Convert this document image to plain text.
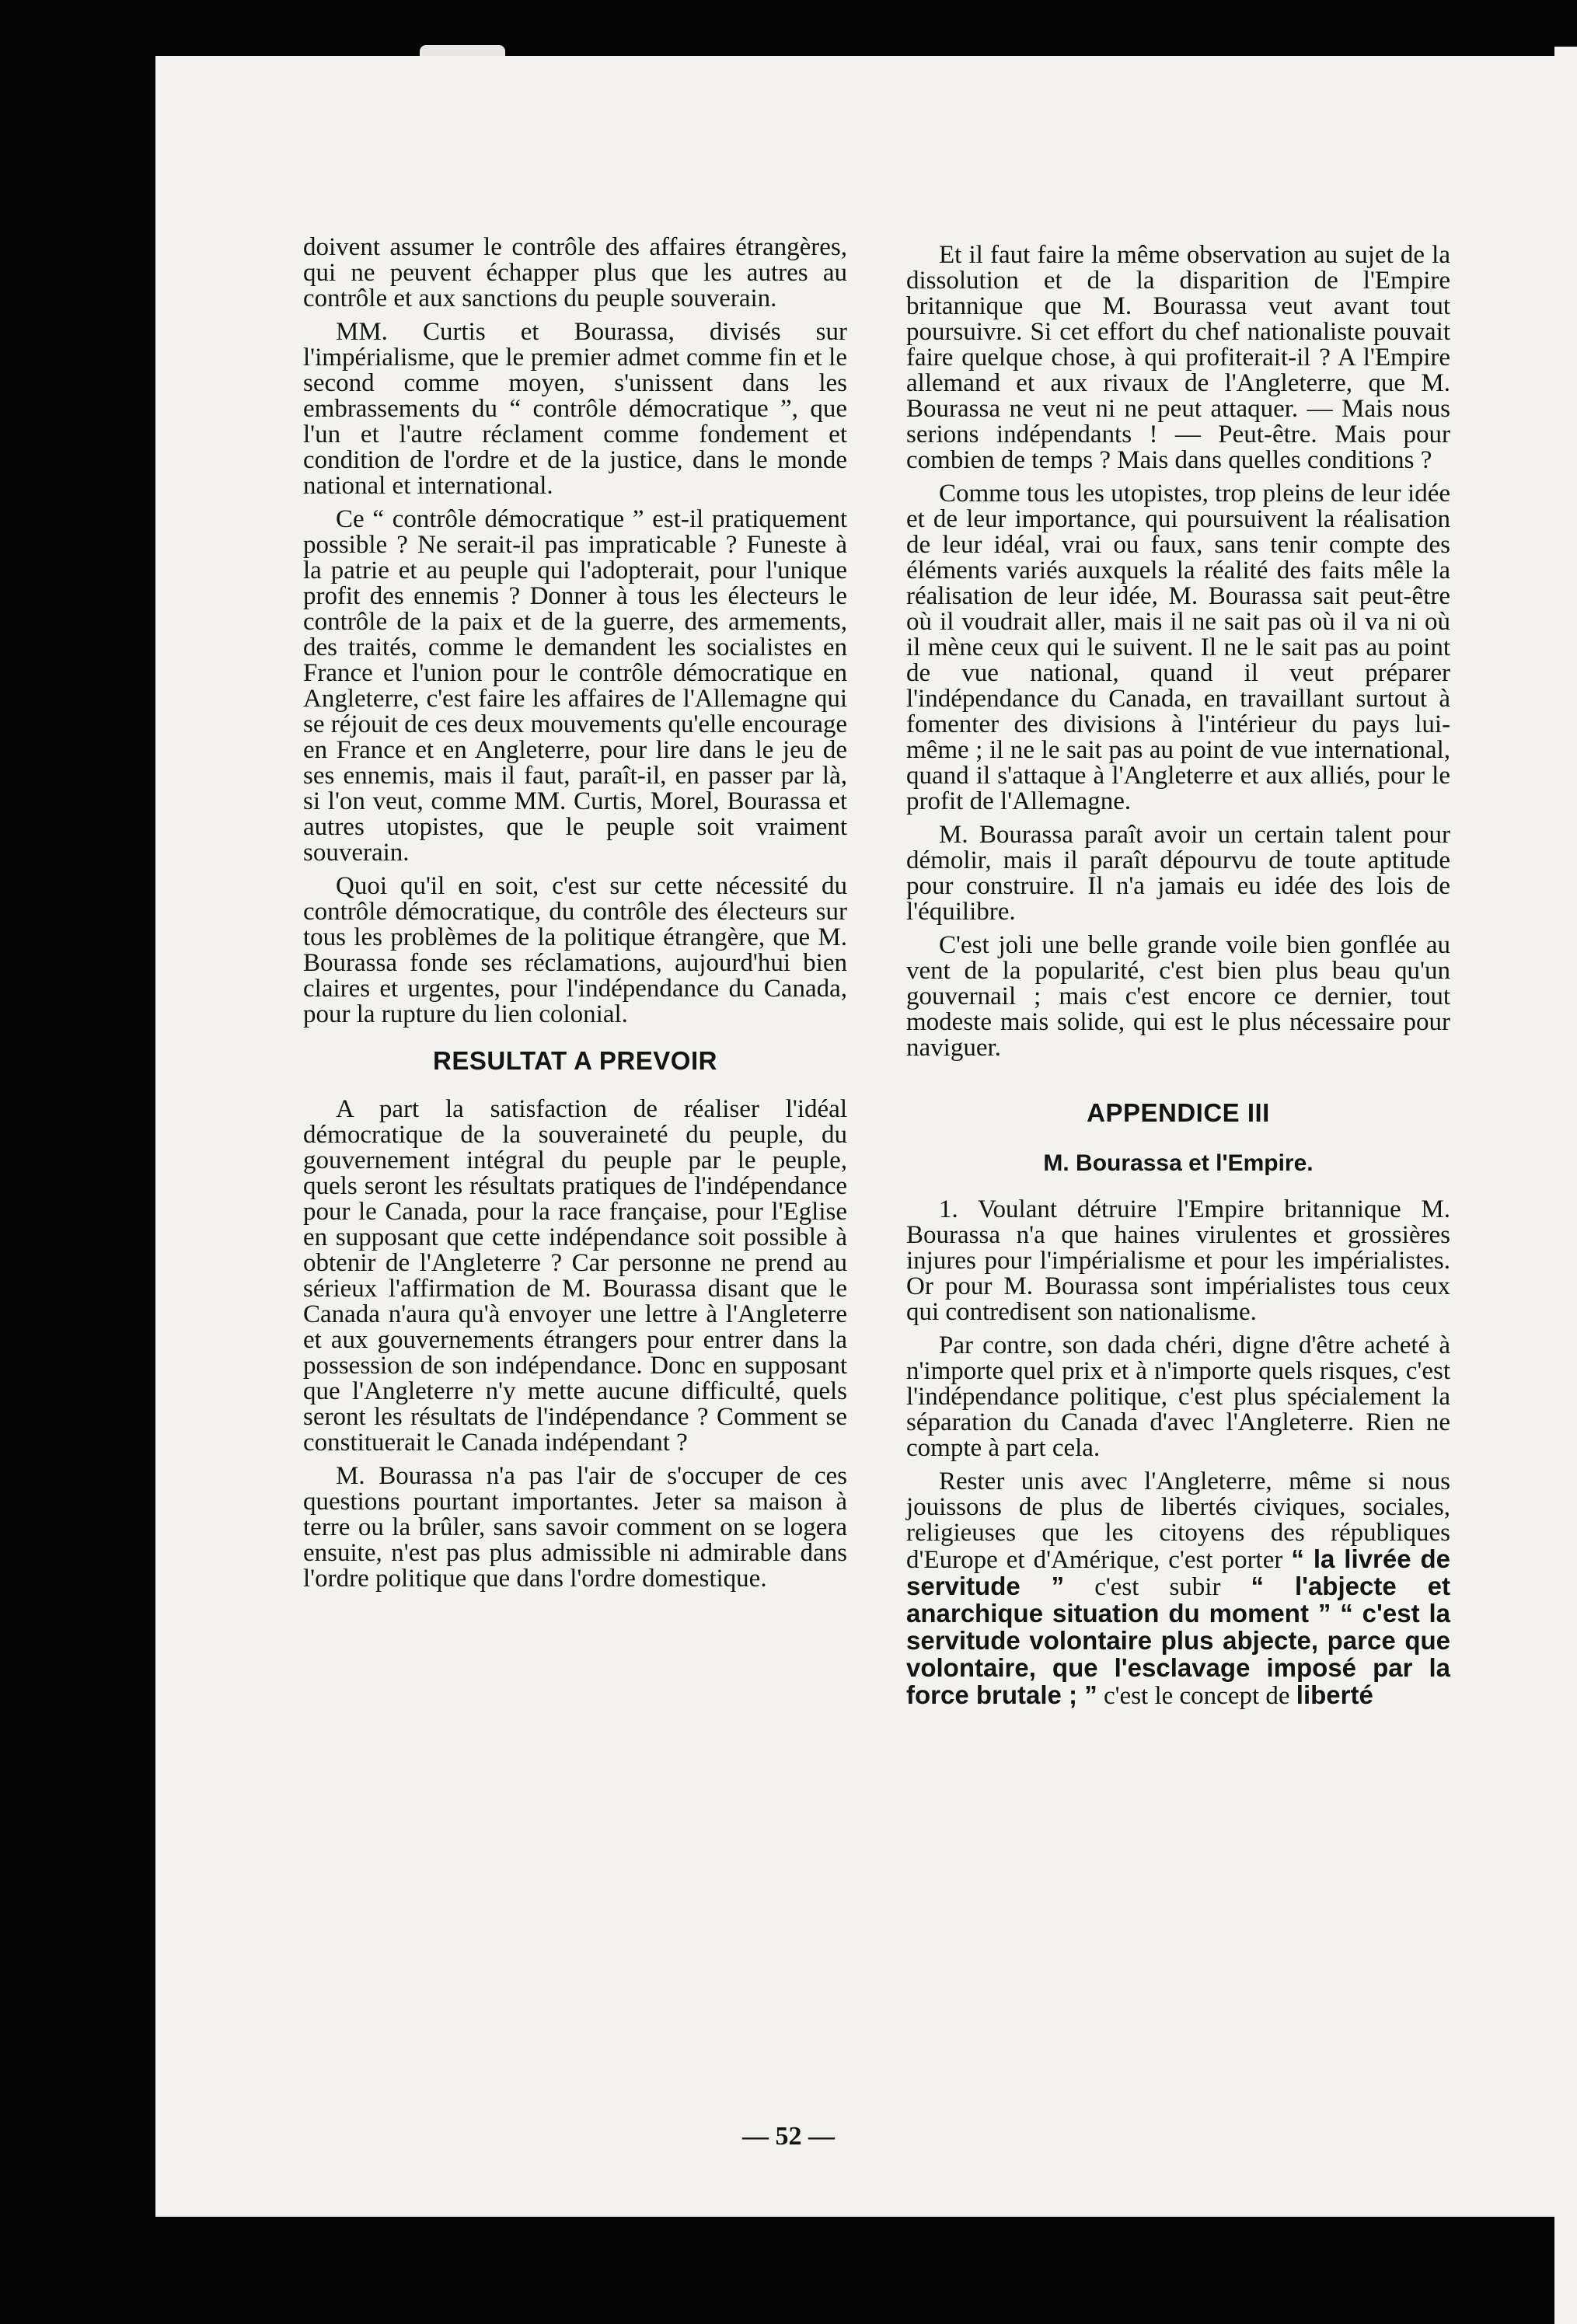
doivent assumer le contrôle des affaires étrangères, qui ne peuvent échapper plus que les autres au contrôle et aux sanctions du peuple souverain.

MM. Curtis et Bourassa, divisés sur l'impérialisme, que le premier admet comme fin et le second comme moyen, s'unissent dans les embrassements du “ contrôle démocratique ”, que l'un et l'autre réclament comme fondement et condition de l'ordre et de la justice, dans le monde national et international.

Ce “ contrôle démocratique ” est-il pratiquement possible ? Ne serait-il pas impraticable ? Funeste à la patrie et au peuple qui l'adopterait, pour l'unique profit des ennemis ? Donner à tous les électeurs le contrôle de la paix et de la guerre, des armements, des traités, comme le demandent les socialistes en France et l'union pour le contrôle démocratique en Angleterre, c'est faire les affaires de l'Allemagne qui se réjouit de ces deux mouvements qu'elle encourage en France et en Angleterre, pour lire dans le jeu de ses ennemis, mais il faut, paraît-il, en passer par là, si l'on veut, comme MM. Curtis, Morel, Bourassa et autres utopistes, que le peuple soit vraiment souverain.

Quoi qu'il en soit, c'est sur cette nécessité du contrôle démocratique, du contrôle des électeurs sur tous les problèmes de la politique étrangère, que M. Bourassa fonde ses réclamations, aujourd'hui bien claires et urgentes, pour l'indépendance du Canada, pour la rupture du lien colonial.

RESULTAT A PREVOIR

A part la satisfaction de réaliser l'idéal démocratique de la souveraineté du peuple, du gouvernement intégral du peuple par le peuple, quels seront les résultats pratiques de l'indépendance pour le Canada, pour la race française, pour l'Eglise en supposant que cette indépendance soit possible à obtenir de l'Angleterre ? Car personne ne prend au sérieux l'affirmation de M. Bourassa disant que le Canada n'aura qu'à envoyer une lettre à l'Angleterre et aux gouvernements étrangers pour entrer dans la possession de son indépendance. Donc en supposant que l'Angleterre n'y mette aucune difficulté, quels seront les résultats de l'indépendance ? Comment se constituerait le Canada indépendant ?

M. Bourassa n'a pas l'air de s'occuper de ces questions pourtant importantes. Jeter sa maison à terre ou la brûler, sans savoir comment on se logera ensuite, n'est pas plus admissible ni admirable dans l'ordre politique que dans l'ordre domestique.

Et il faut faire la même observation au sujet de la dissolution et de la disparition de l'Empire britannique que M. Bourassa veut avant tout poursuivre. Si cet effort du chef nationaliste pouvait faire quelque chose, à qui profiterait-il ? A l'Empire allemand et aux rivaux de l'Angleterre, que M. Bourassa ne veut ni ne peut attaquer. — Mais nous serions indépendants ! — Peut-être. Mais pour combien de temps ? Mais dans quelles conditions ?

Comme tous les utopistes, trop pleins de leur idée et de leur importance, qui poursuivent la réalisation de leur idéal, vrai ou faux, sans tenir compte des éléments variés auxquels la réalité des faits mêle la réalisation de leur idée, M. Bourassa sait peut-être où il voudrait aller, mais il ne sait pas où il va ni où il mène ceux qui le suivent. Il ne le sait pas au point de vue national, quand il veut préparer l'indépendance du Canada, en travaillant surtout à fomenter des divisions à l'intérieur du pays lui-même ; il ne le sait pas au point de vue international, quand il s'attaque à l'Angleterre et aux alliés, pour le profit de l'Allemagne.

M. Bourassa paraît avoir un certain talent pour démolir, mais il paraît dépourvu de toute aptitude pour construire. Il n'a jamais eu idée des lois de l'équilibre.

C'est joli une belle grande voile bien gonflée au vent de la popularité, c'est bien plus beau qu'un gouvernail ; mais c'est encore ce dernier, tout modeste mais solide, qui est le plus nécessaire pour naviguer.

APPENDICE III
M. Bourassa et l'Empire.

1. Voulant détruire l'Empire britannique M. Bourassa n'a que haines virulentes et grossières injures pour l'impérialisme et pour les impérialistes. Or pour M. Bourassa sont impérialistes tous ceux qui contredisent son nationalisme.

Par contre, son dada chéri, digne d'être acheté à n'importe quel prix et à n'importe quels risques, c'est l'indépendance politique, c'est plus spécialement la séparation du Canada d'avec l'Angleterre. Rien ne compte à part cela.

Rester unis avec l'Angleterre, même si nous jouissons de plus de libertés civiques, sociales, religieuses que les citoyens des républiques d'Europe et d'Amérique, c'est porter “ la livrée de servitude ” c'est subir “ l'abjecte et anarchique situation du moment ” “ c'est la servitude volontaire plus abjecte, parce que volontaire, que l'esclavage imposé par la force brutale ; ” c'est le concept de liberté

— 52 —
